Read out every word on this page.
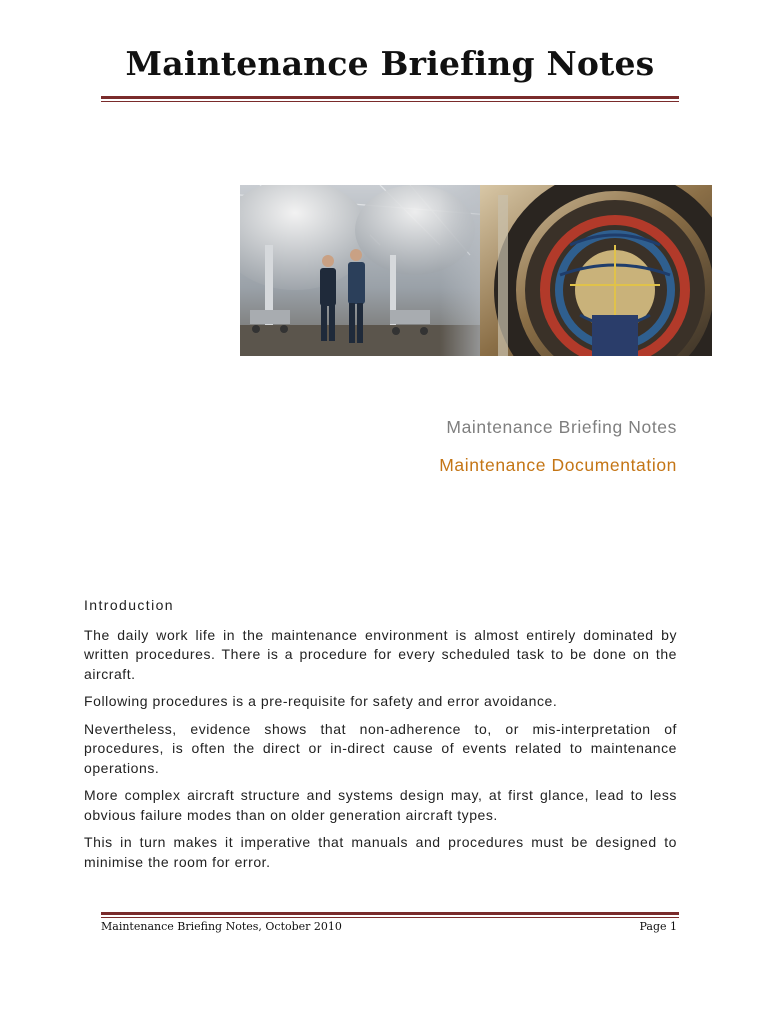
Maintenance Briefing Notes

Maintenance Briefing Notes

Maintenance Documentation

Introduction

The daily work life in the maintenance environment is almost entirely dominated by written procedures. There is a procedure for every scheduled task to be done on the aircraft.

Following procedures is a pre-requisite for safety and error avoidance.

Nevertheless, evidence shows that non-adherence to, or mis-interpretation of procedures, is often the direct or in-direct cause of events related to maintenance operations.

More complex aircraft structure and systems design may, at first glance, lead to less obvious failure modes than on older generation aircraft types.

This in turn makes it imperative that manuals and procedures must be designed to minimise the room for error.

Maintenance Briefing Notes, October 2010	Page 1
